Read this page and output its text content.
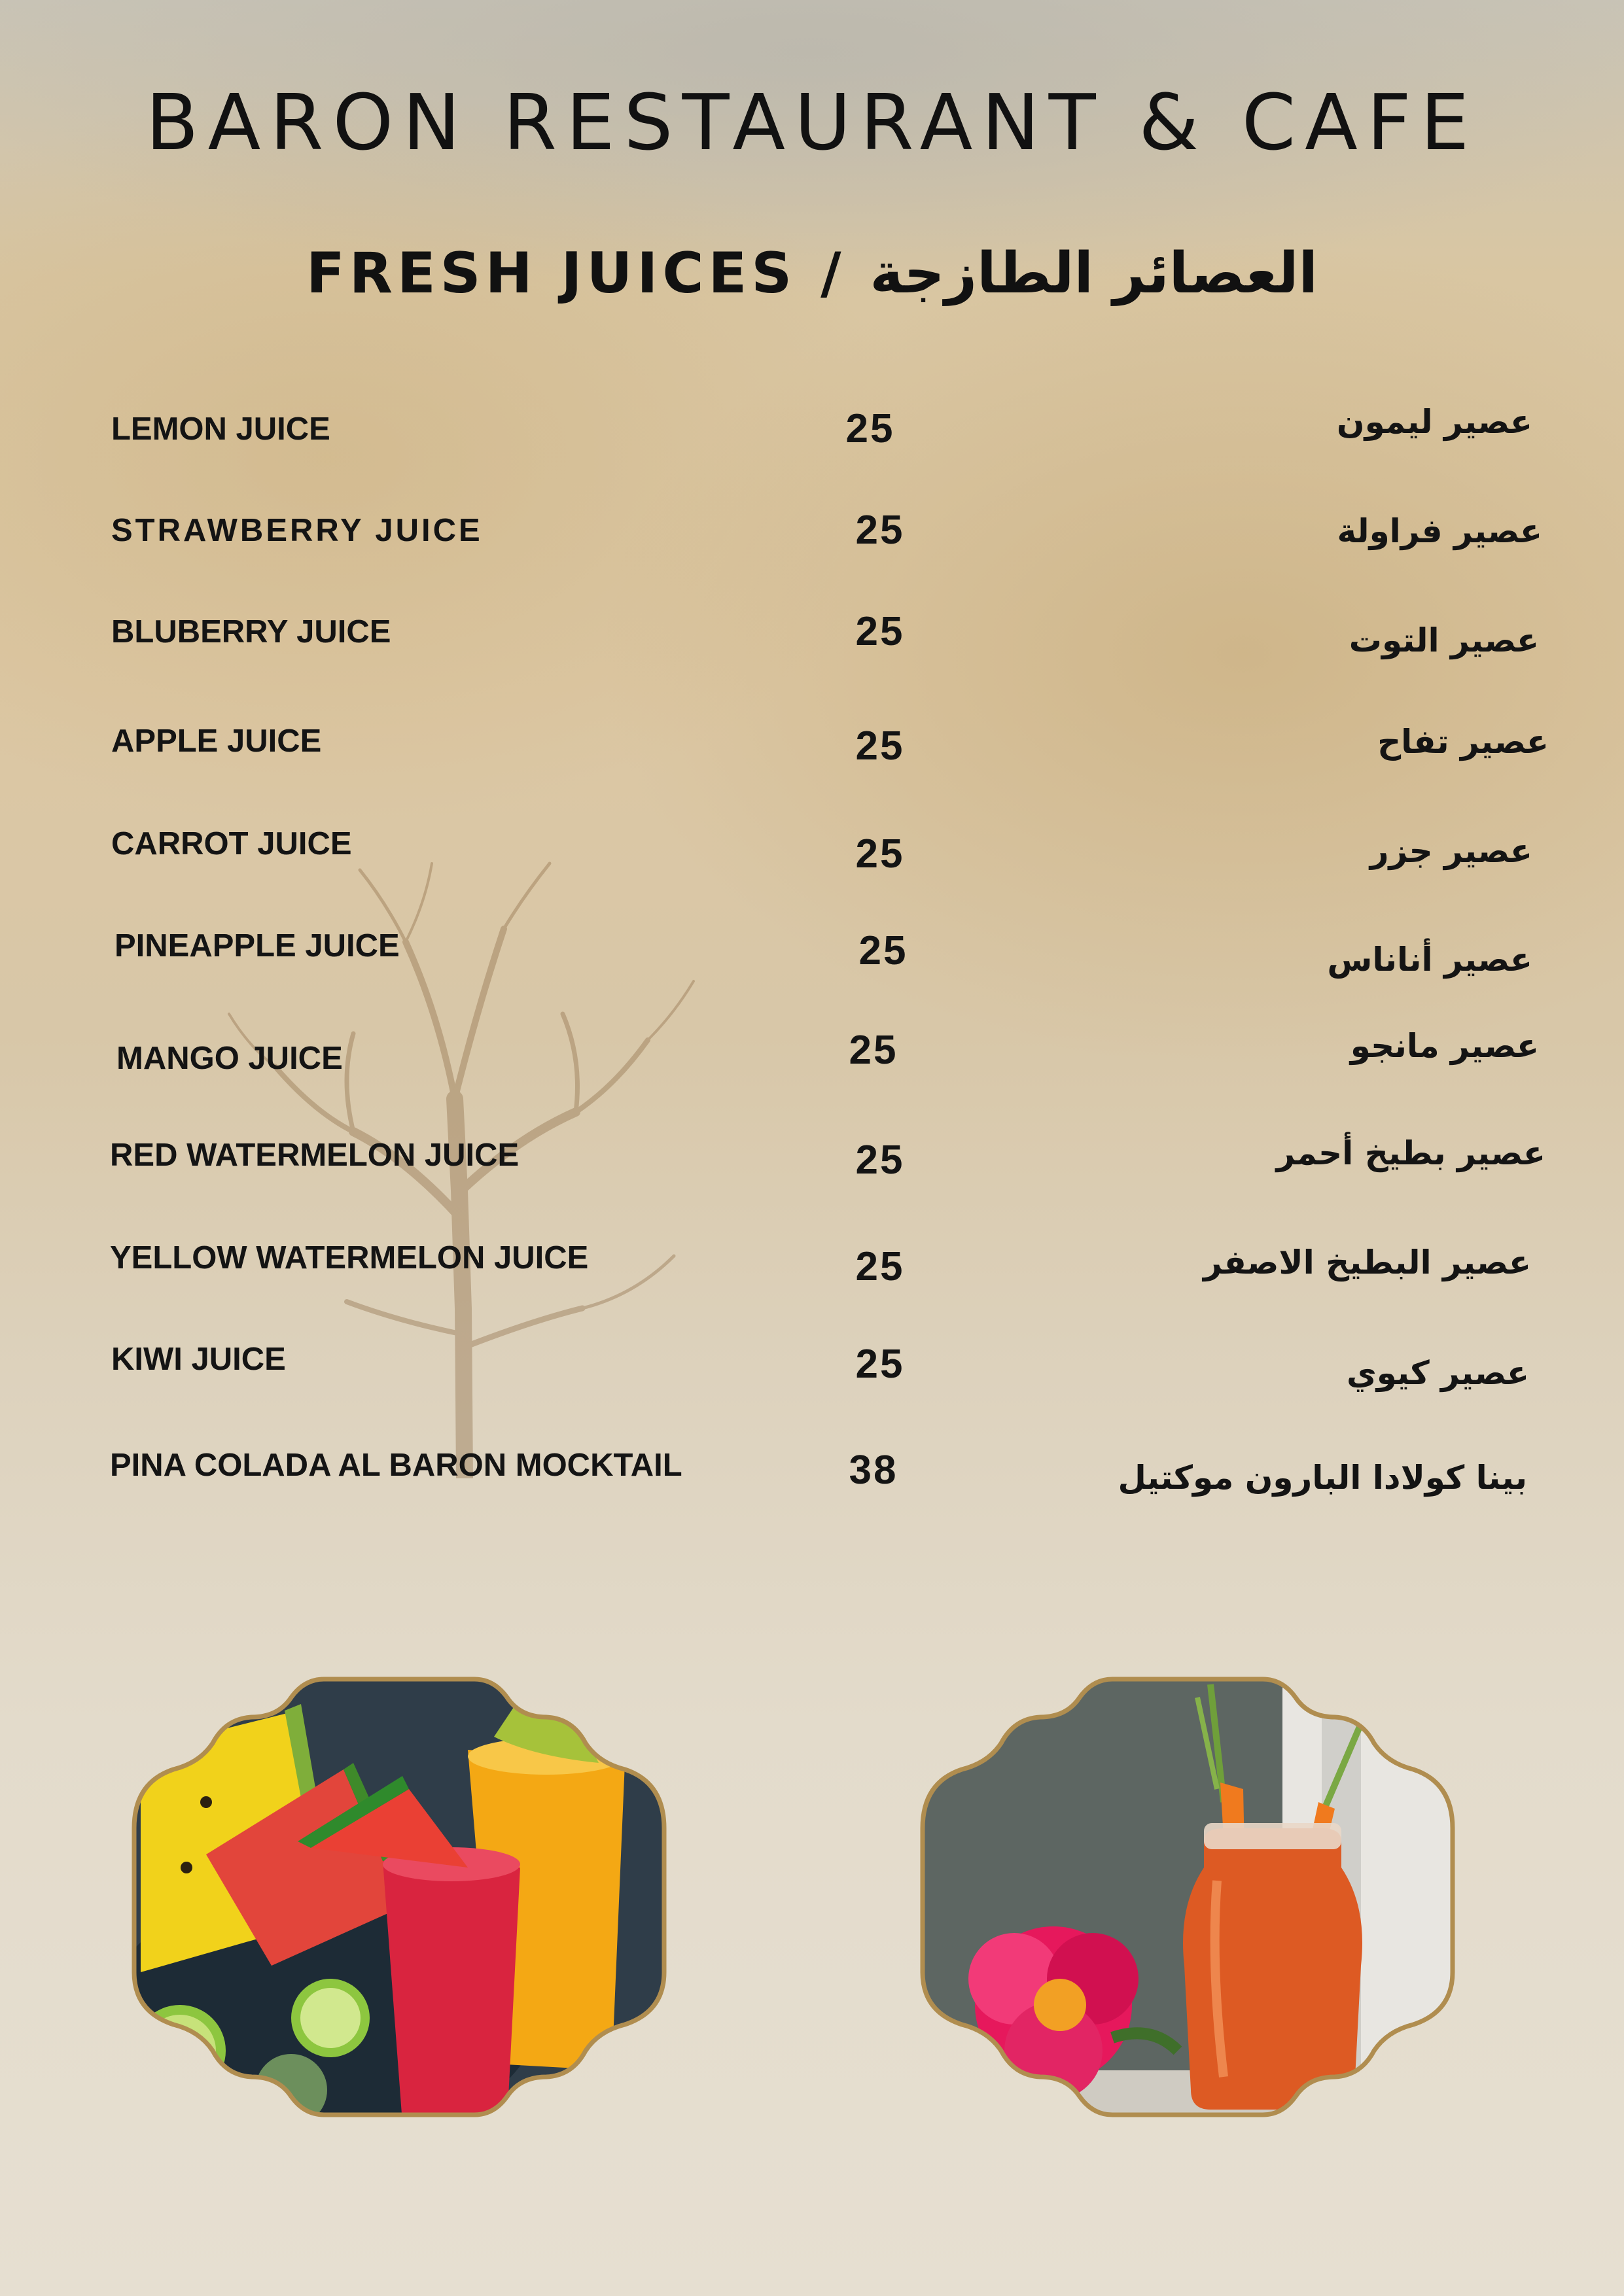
BARON RESTAURANT & CAFE
FRESH JUICES / العصائر الطازجة
LEMON JUICE	25	عصير ليمون
STRAWBERRY JUICE	25	عصير فراولة
BLUBERRY JUICE	25	عصير التوت
APPLE JUICE	25	عصير تفاح
CARROT JUICE	25	عصير جزر
PINEAPPLE JUICE	25	عصير أناناس
MANGO JUICE	25	عصير مانجو
RED WATERMELON JUICE	25	عصير بطيخ أحمر
YELLOW WATERMELON JUICE	25	عصير البطيخ الاصفر
KIWI JUICE	25	عصير كيوي
PINA COLADA AL BARON MOCKTAIL	38	بينا كولادا البارون موكتيل
